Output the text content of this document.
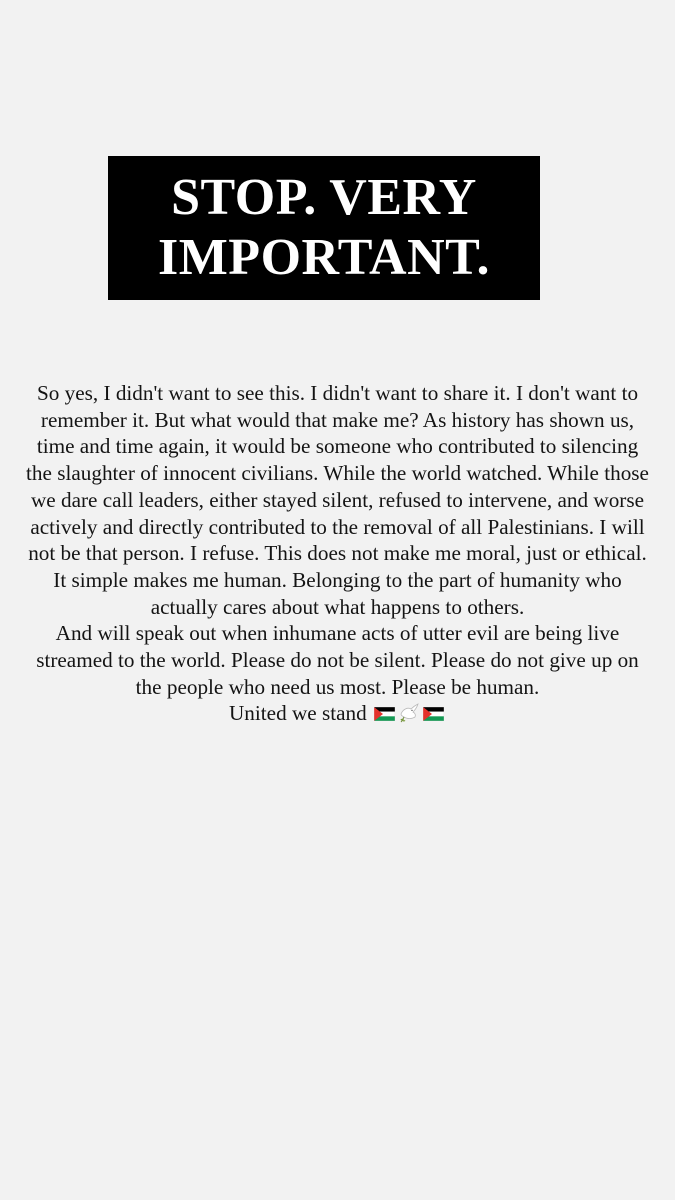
STOP. VERY
IMPORTANT.

So yes, I didn't want to see this. I didn't want to share it. I don't want to remember it. But what would that make me? As history has shown us, time and time again, it would be someone who contributed to silencing the slaughter of innocent civilians. While the world watched. While those we dare call leaders, either stayed silent, refused to intervene, and worse actively and directly contributed to the removal of all Palestinians. I will not be that person. I refuse. This does not make me moral, just or ethical. It simple makes me human. Belonging to the part of humanity who actually cares about what happens to others.

And will speak out when inhumane acts of utter evil are being live streamed to the world. Please do not be silent. Please do not give up on the people who need us most. Please be human.

United we stand
